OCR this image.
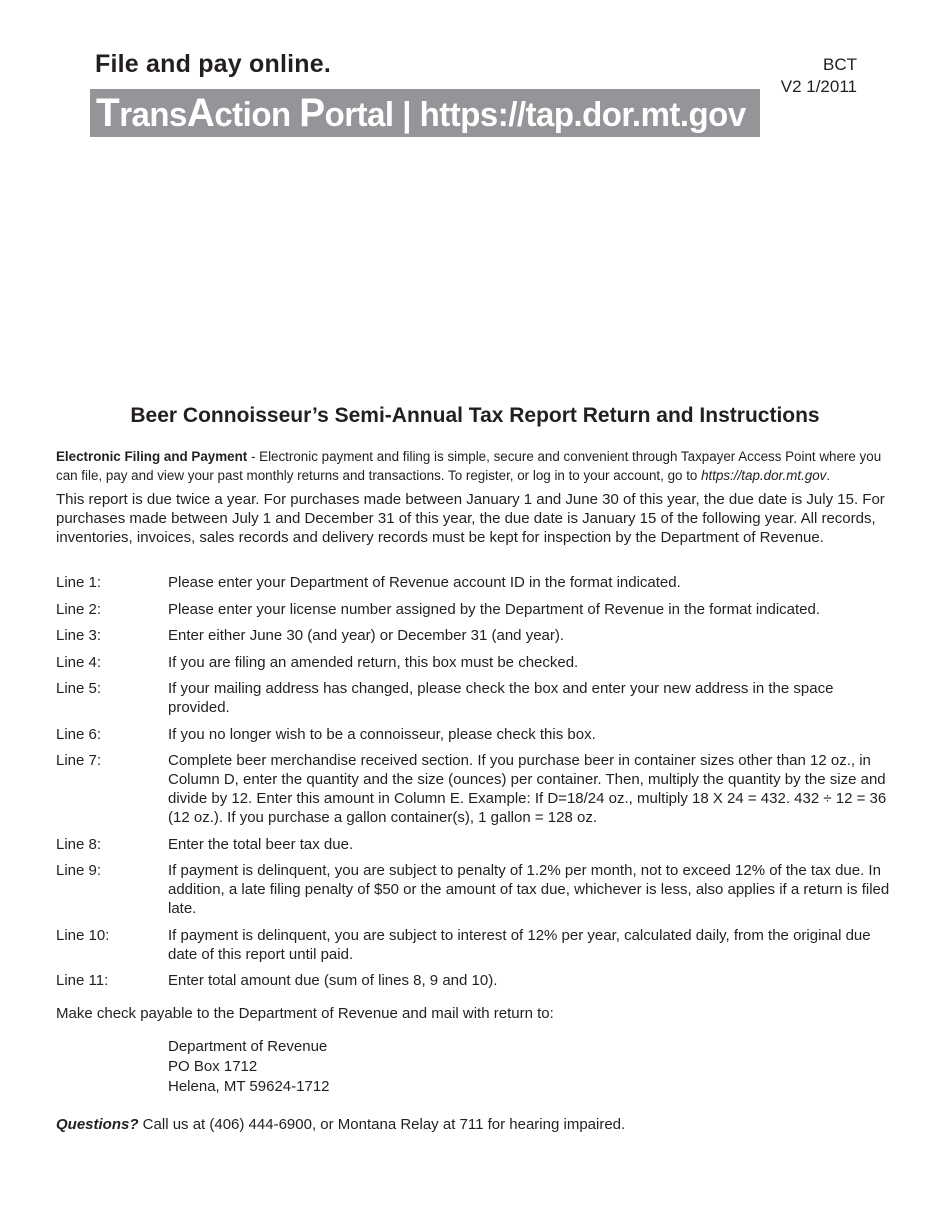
File and pay online.	BCT
V2 1/2011
TransAction Portal | https://tap.dor.mt.gov
Beer Connoisseur’s Semi-Annual Tax Report Return and Instructions
Electronic Filing and Payment - Electronic payment and filing is simple, secure and convenient through Taxpayer Access Point where you can file, pay and view your past monthly returns and transactions. To register, or log in to your account, go to https://tap.dor.mt.gov.
This report is due twice a year. For purchases made between January 1 and June 30 of this year, the due date is July 15. For purchases made between July 1 and December 31 of this year, the due date is January 15 of the following year. All records, inventories, invoices, sales records and delivery records must be kept for inspection by the Department of Revenue.
Line 1:	Please enter your Department of Revenue account ID in the format indicated.
Line 2:	Please enter your license number assigned by the Department of Revenue in the format indicated.
Line 3:	Enter either June 30 (and year) or December 31 (and year).
Line 4:	If you are filing an amended return, this box must be checked.
Line 5:	If your mailing address has changed, please check the box and enter your new address in the space provided.
Line 6:	If you no longer wish to be a connoisseur, please check this box.
Line 7:	Complete beer merchandise received section. If you purchase beer in container sizes other than 12 oz., in Column D, enter the quantity and the size (ounces) per container. Then, multiply the quantity by the size and divide by 12. Enter this amount in Column E. Example: If D=18/24 oz., multiply 18 X 24 = 432. 432 ÷ 12 = 36 (12 oz.). If you purchase a gallon container(s), 1 gallon = 128 oz.
Line 8:	Enter the total beer tax due.
Line 9:	If payment is delinquent, you are subject to penalty of 1.2% per month, not to exceed 12% of the tax due. In addition, a late filing penalty of $50 or the amount of tax due, whichever is less, also applies if a return is filed late.
Line 10:	If payment is delinquent, you are subject to interest of 12% per year, calculated daily, from the original due date of this report until paid.
Line 11:	Enter total amount due (sum of lines 8, 9 and 10).
Make check payable to the Department of Revenue and mail with return to:
Department of Revenue
PO Box 1712
Helena, MT 59624-1712
Questions? Call us at (406) 444-6900, or Montana Relay at 711 for hearing impaired.
